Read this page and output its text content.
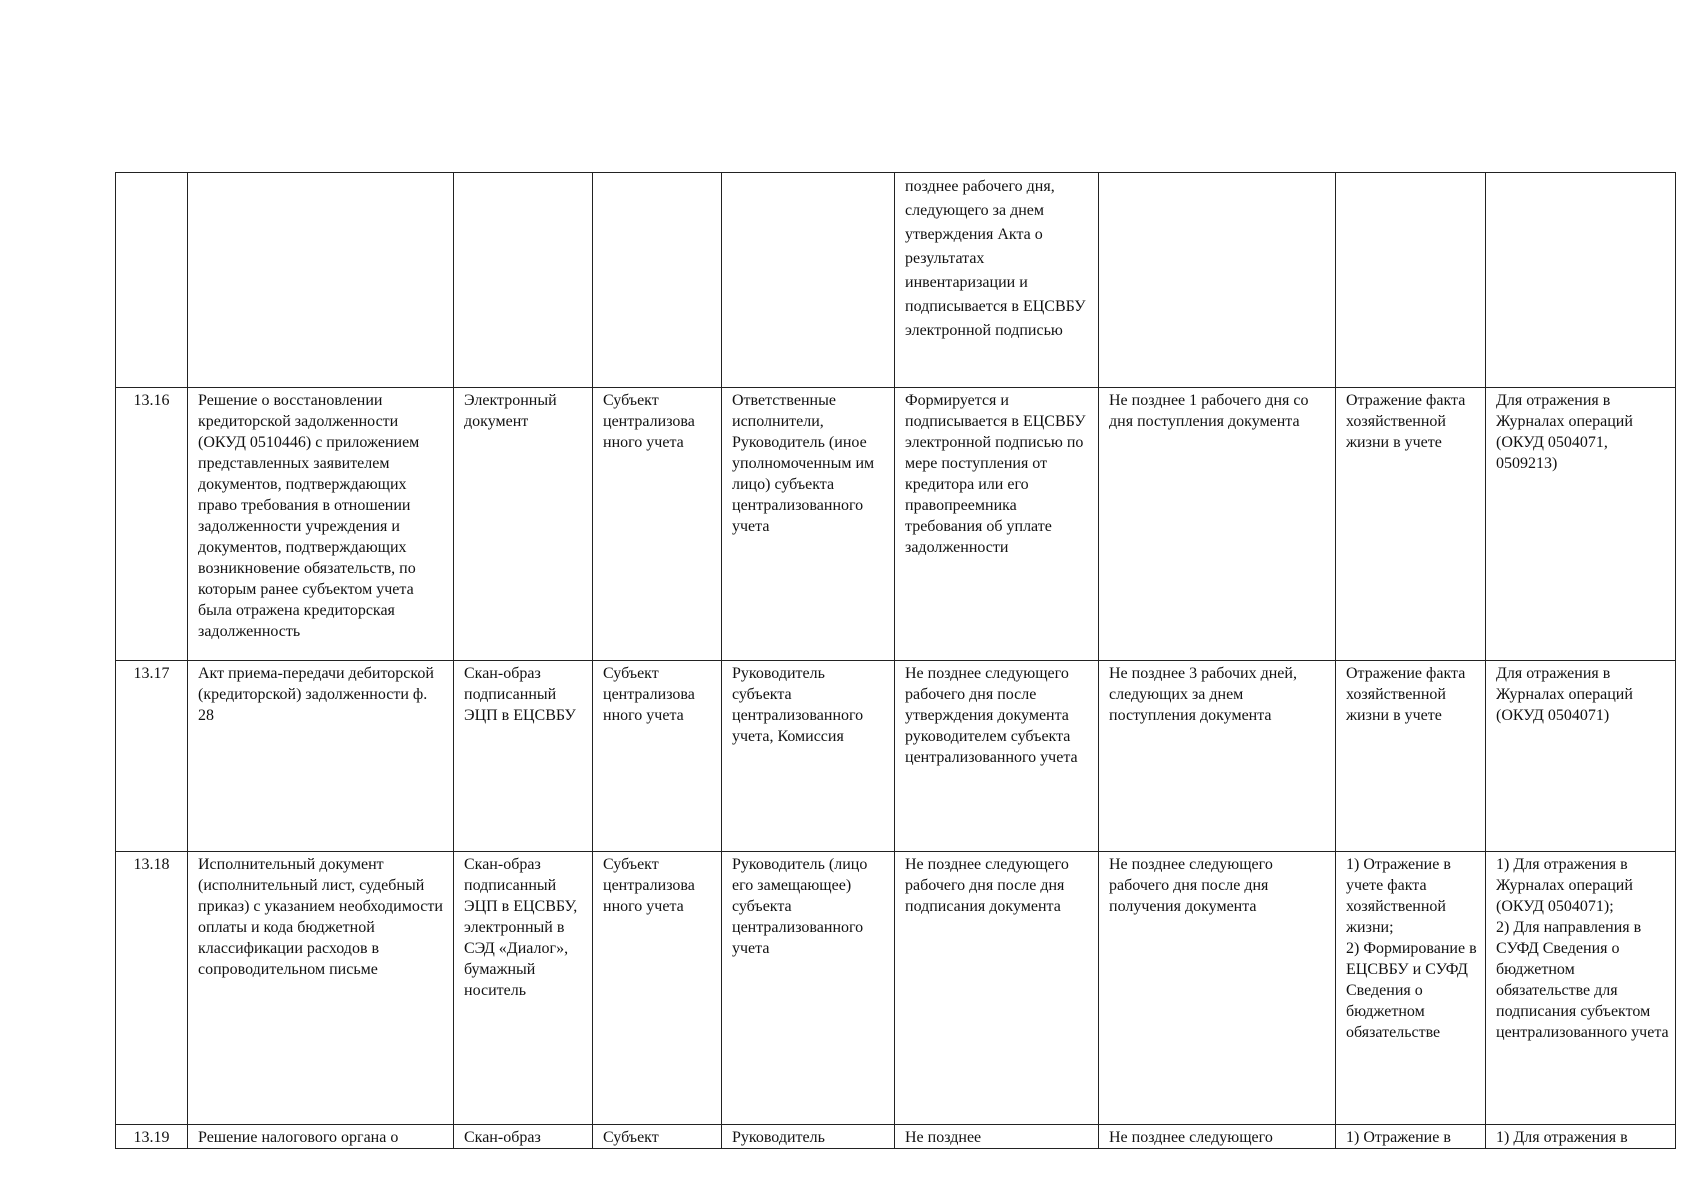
					позднее рабочего дня, следующего за днем утверждения Акта о результатах инвентаризации и подписывается в ЕЦСВБУ электронной подписью			

13.16	Решение о восстановлении кредиторской задолженности (ОКУД 0510446) с приложением представленных заявителем документов, подтверждающих право требования в отношении задолженности учреждения и документов, подтверждающих возникновение обязательств, по которым ранее субъектом учета была отражена кредиторская задолженность	Электронный документ	Субъект централизова нного учета	Ответственные исполнители, Руководитель (иное уполномоченным им лицо) субъекта централизованного учета	Формируется и подписывается в ЕЦСВБУ электронной подписью по мере поступления от кредитора или его правопреемника требования об уплате задолженности	Не позднее 1 рабочего дня со дня поступления документа	Отражение факта хозяйственной жизни в учете	Для отражения в Журналах операций (ОКУД 0504071, 0509213)

13.17	Акт приема-передачи дебиторской (кредиторской) задолженности ф. 28	Скан-образ подписанный ЭЦП в ЕЦСВБУ	Субъект централизова нного учета	Руководитель субъекта централизованного учета, Комиссия	Не позднее следующего рабочего дня после утверждения документа руководителем субъекта централизованного учета	Не позднее 3 рабочих дней, следующих за днем поступления документа	Отражение факта хозяйственной жизни в учете	Для отражения в Журналах операций (ОКУД 0504071)

13.18	Исполнительный документ (исполнительный лист, судебный приказ) с указанием необходимости оплаты и кода бюджетной классификации расходов в сопроводительном письме	Скан-образ подписанный ЭЦП в ЕЦСВБУ, электронный в СЭД «Диалог», бумажный носитель	Субъект централизова нного учета	Руководитель (лицо его замещающее) субъекта централизованного учета	Не позднее следующего рабочего дня после дня подписания документа	Не позднее следующего рабочего дня после дня получения документа	1) Отражение в учете факта хозяйственной жизни;
2) Формирование в ЕЦСВБУ и СУФД Сведения о бюджетном обязательстве	1) Для отражения в Журналах операций (ОКУД 0504071);
2) Для направления в СУФД Сведения о бюджетном обязательстве для подписания субъектом централизованного учета

13.19	Решение налогового органа о	Скан-образ	Субъект	Руководитель	Не позднее	Не позднее следующего	1) Отражение в	1) Для отражения в
